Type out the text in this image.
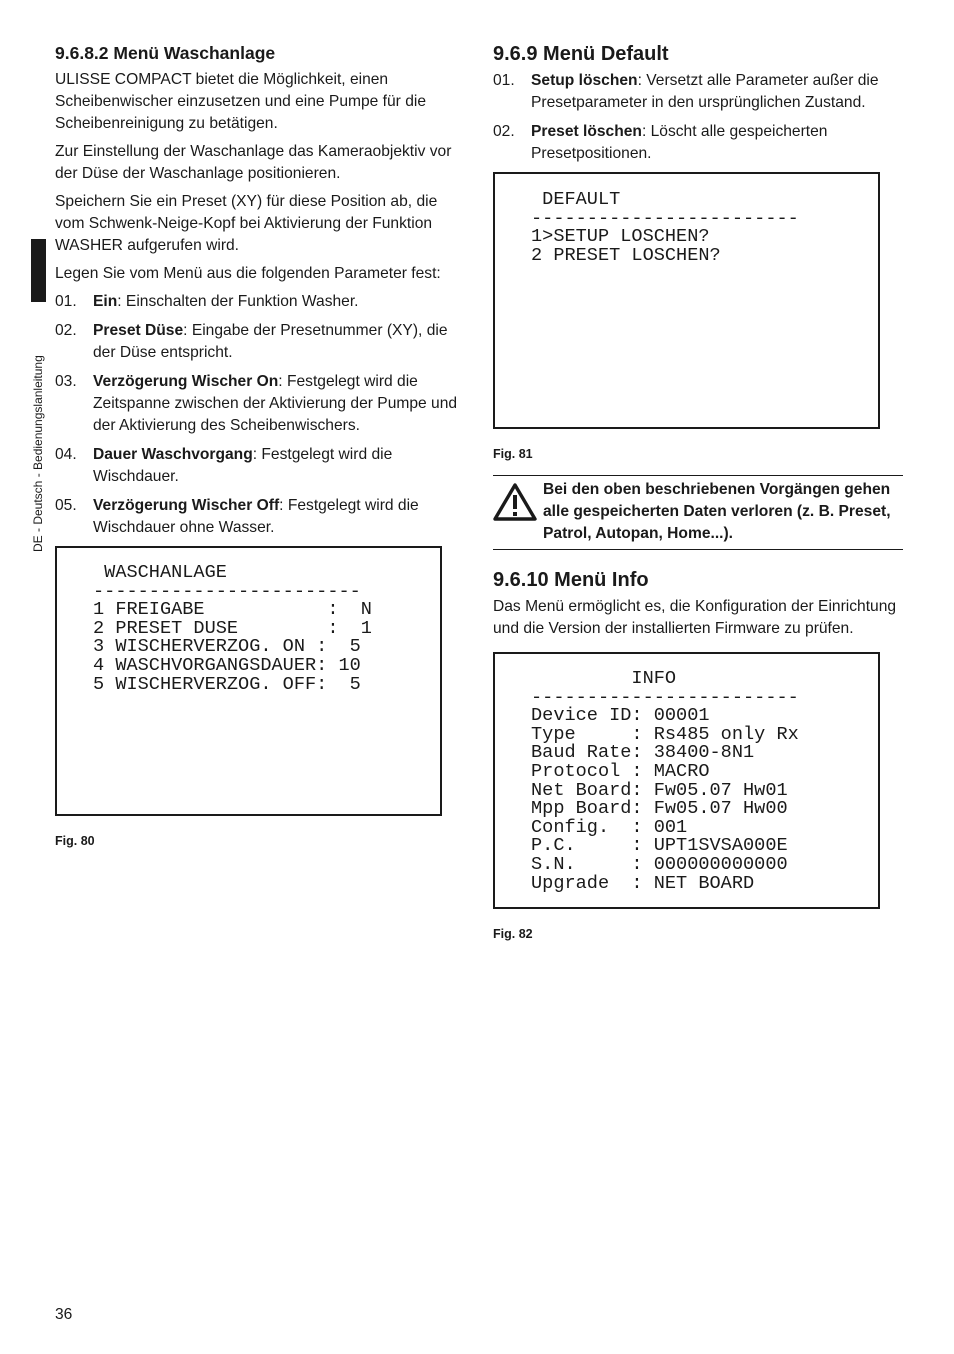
DE - Deutsch - Bedienungslanleitung
9.6.8.2 Menü Waschanlage

ULISSE COMPACT bietet die Möglichkeit, einen Scheibenwischer einzusetzen und eine Pumpe für die Scheibenreinigung zu betätigen.

Zur Einstellung der Waschanlage das Kameraobjektiv vor der Düse der Waschanlage positionieren.

Speichern Sie ein Preset (XY) für diese Position ab, die vom Schwenk-Neige-Kopf bei Aktivierung der Funktion WASHER aufgerufen wird.

Legen Sie vom Menü aus die folgenden Parameter fest:

01.	Ein: Einschalten der Funktion Washer.
02.	Preset Düse: Eingabe der Presetnummer (XY), die der Düse entspricht.
03.	Verzögerung Wischer On: Festgelegt wird die Zeitspanne zwischen der Aktivierung der Pumpe und der Aktivierung des Scheibenwischers.
04.	Dauer Waschvorgang: Festgelegt wird die Wischdauer.
05.	Verzögerung Wischer Off: Festgelegt wird die Wischdauer ohne Wasser.
WASCHANLAGE
------------------------
1 FREIGABE           :  N
2 PRESET DUSE        :  1
3 WISCHERVERZOG. ON :  5
4 WASCHVORGANGSDAUER: 10
5 WISCHERVERZOG. OFF:  5
Fig. 80
9.6.9 Menü Default
01.	Setup löschen: Versetzt alle Parameter außer die Presetparameter in den ursprünglichen Zustand.
02.	Preset löschen: Löscht alle gespeicherten Presetpositionen.
DEFAULT
------------------------
1>SETUP LOSCHEN?
2 PRESET LOSCHEN?
Fig. 81
Bei den oben beschriebenen Vorgängen gehen alle gespeicherten Daten verloren (z. B. Preset, Patrol, Autopan, Home...).
9.6.10 Menü Info

Das Menü ermöglicht es, die Konfiguration der Einrichtung und die Version der installierten Firmware zu prüfen.

INFO
------------------------
Device ID: 00001
Type     : Rs485 only Rx
Baud Rate: 38400-8N1
Protocol : MACRO
Net Board: Fw05.07 Hw01
Mpp Board: Fw05.07 Hw00
Config.  : 001
P.C.     : UPT1SVSA000E
S.N.     : 000000000000
Upgrade  : NET BOARD
Fig. 82
36
